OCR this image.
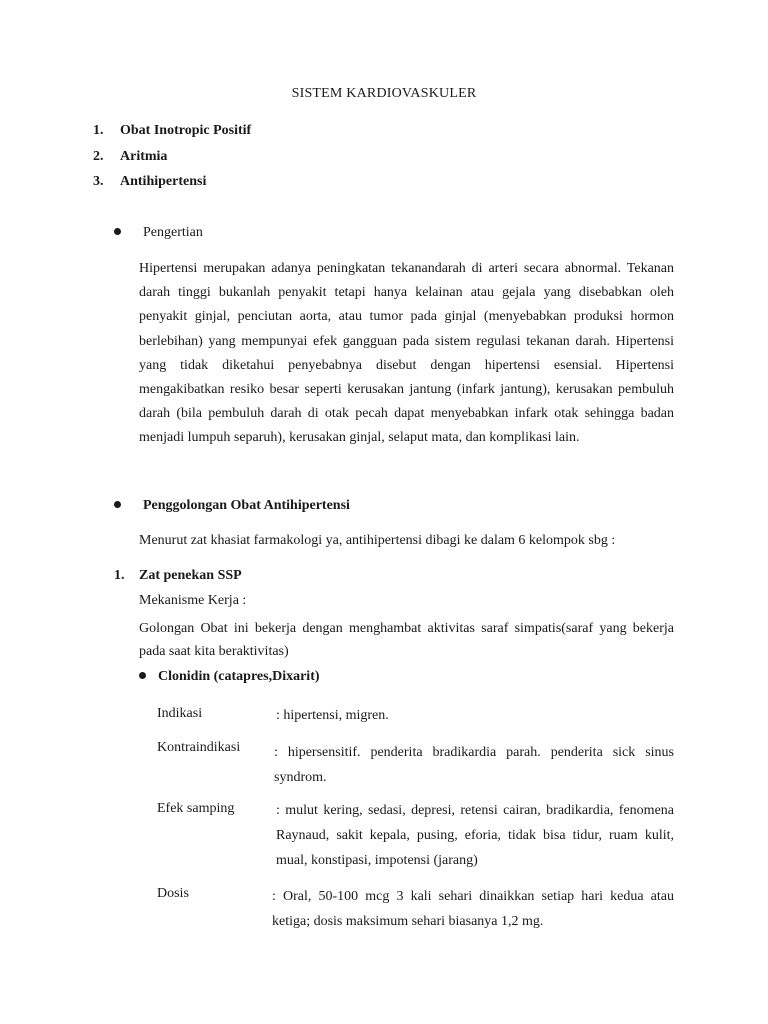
SISTEM KARDIOVASKULER
1. Obat Inotropic Positif
2. Aritmia
3. Antihipertensi
Pengertian
Hipertensi merupakan adanya peningkatan tekanandarah di arteri secara abnormal. Tekanan darah tinggi bukanlah penyakit tetapi hanya kelainan atau gejala yang disebabkan oleh penyakit ginjal, penciutan aorta, atau tumor pada ginjal (menyebabkan produksi hormon berlebihan) yang mempunyai efek gangguan pada sistem regulasi tekanan darah. Hipertensi yang tidak diketahui penyebabnya disebut dengan hipertensi esensial. Hipertensi mengakibatkan resiko besar seperti kerusakan jantung (infark jantung), kerusakan pembuluh darah (bila pembuluh darah di otak pecah dapat menyebabkan infark otak sehingga badan menjadi lumpuh separuh), kerusakan ginjal, selaput mata, dan komplikasi lain.
Penggolongan Obat Antihipertensi
Menurut zat khasiat farmakologi ya, antihipertensi dibagi ke dalam 6 kelompok sbg :
1. Zat penekan SSP
Mekanisme Kerja :
Golongan Obat ini bekerja dengan menghambat aktivitas saraf simpatis(saraf yang bekerja pada saat kita beraktivitas)
Clonidin (catapres,Dixarit)
Indikasi	: hipertensi, migren.
Kontraindikasi : hipersensitif. penderita bradikardia parah. penderita sick sinus syndrom.
Efek samping	: mulut kering, sedasi, depresi, retensi cairan, bradikardia, fenomena Raynaud, sakit kepala, pusing, eforia, tidak bisa tidur, ruam kulit, mual, konstipasi, impotensi (jarang)
Dosis	: Oral, 50-100 mcg 3 kali sehari dinaikkan setiap hari kedua atau ketiga; dosis maksimum sehari biasanya 1,2 mg.
